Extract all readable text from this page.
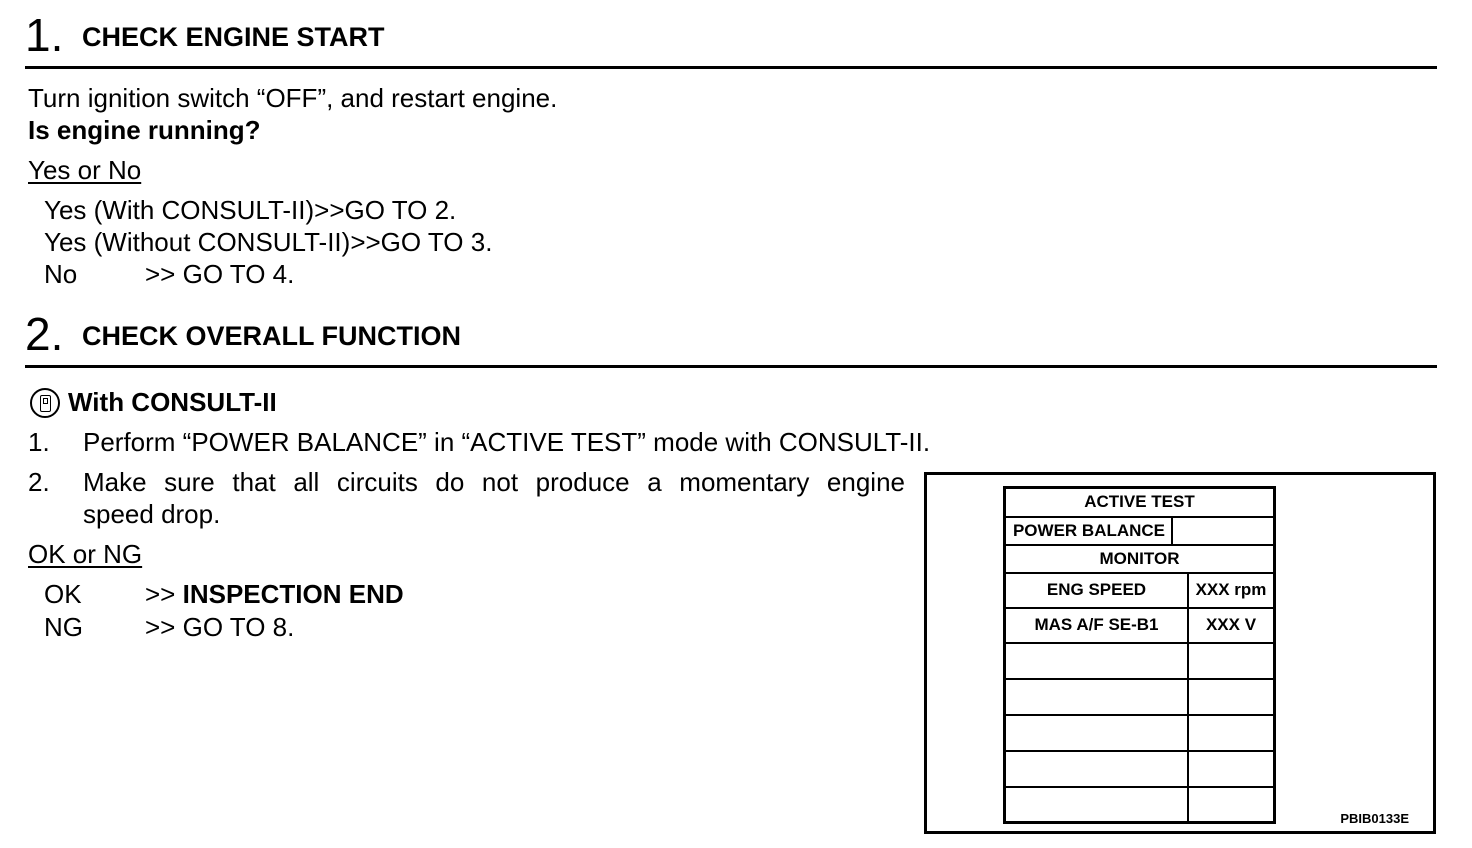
1. CHECK ENGINE START
Turn ignition switch “OFF”, and restart engine.
Is engine running?
Yes or No
Yes (With CONSULT-II)>>GO TO 2.
Yes (Without CONSULT-II)>>GO TO 3.
No	>> GO TO 4.
2. CHECK OVERALL FUNCTION
With CONSULT-II
1. Perform “POWER BALANCE” in “ACTIVE TEST” mode with CONSULT-II.
2. Make sure that all circuits do not produce a momentary engine
speed drop.
OK or NG
OK >> INSPECTION END
NG >> GO TO 8.
ACTIVE TEST
POWER BALANCE
MONITOR
ENG SPEED	XXX rpm
MAS A/F SE-B1	XXX V
PBIB0133E
